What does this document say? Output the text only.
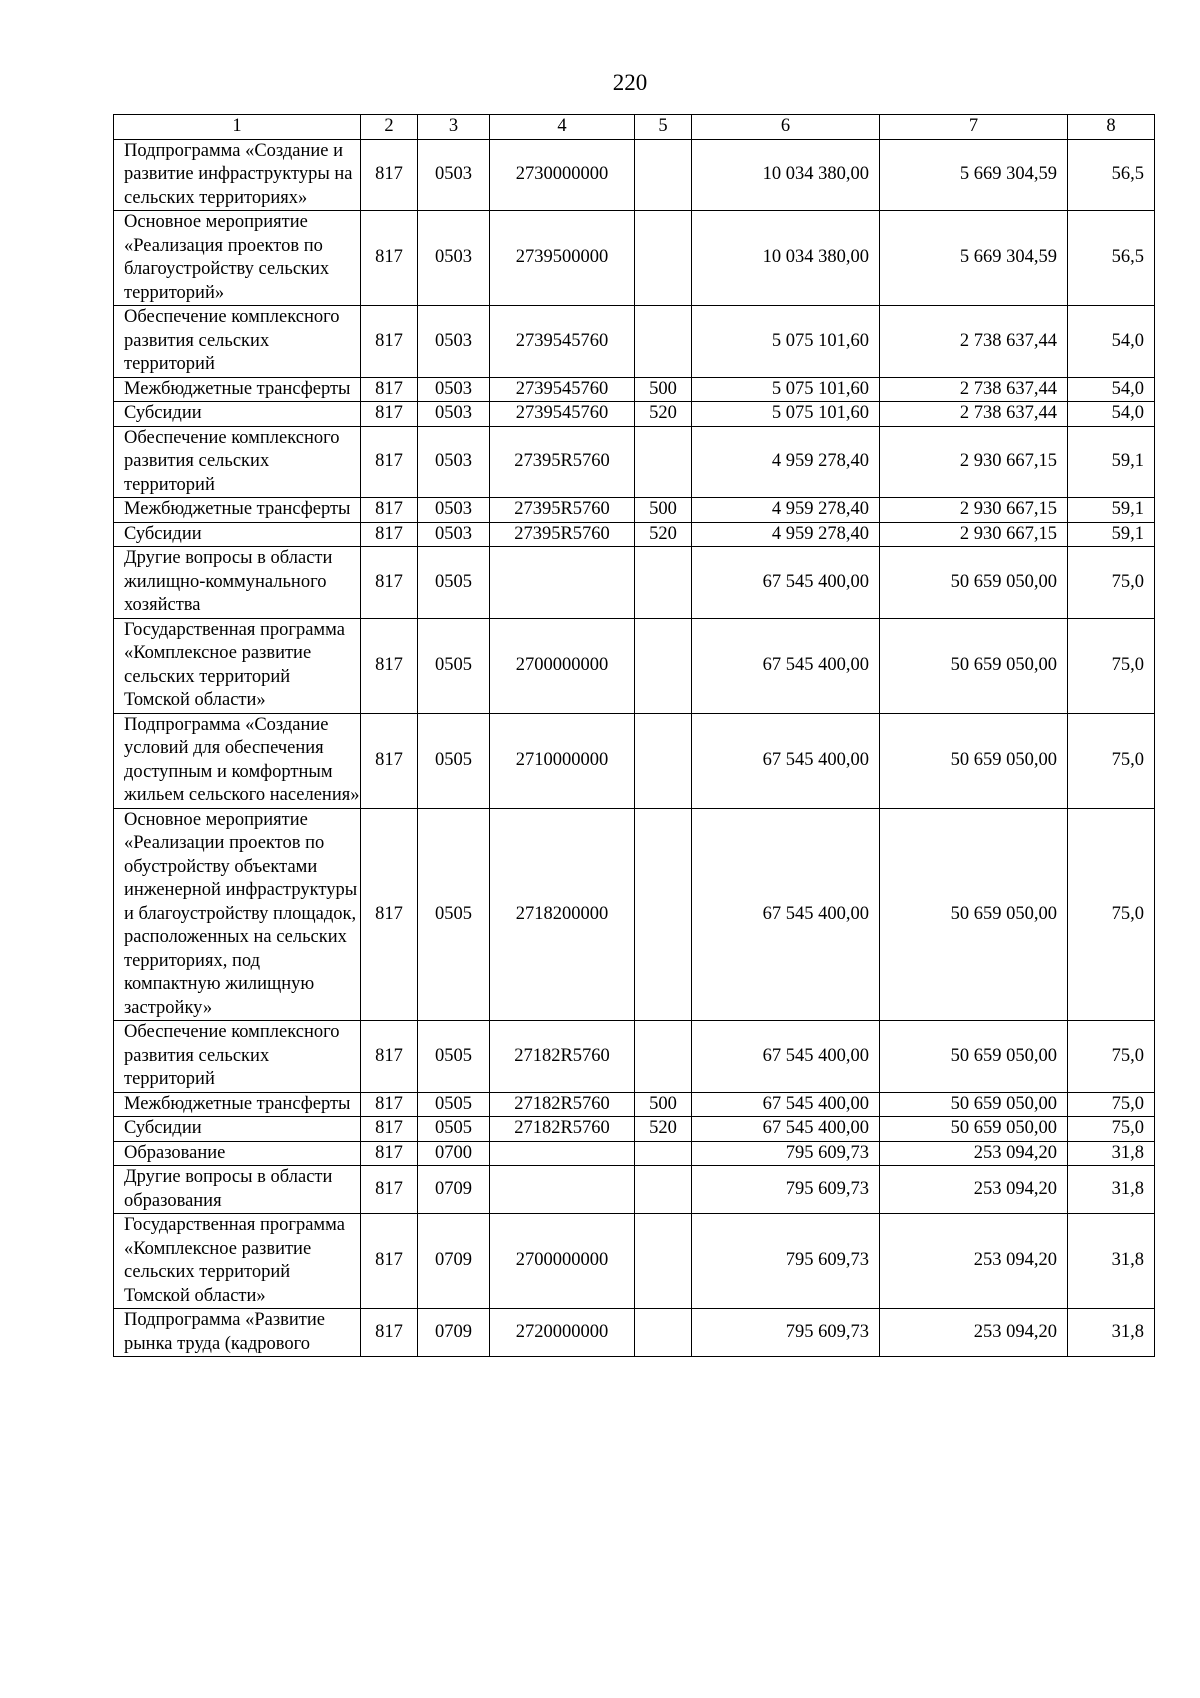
220
1	2	3	4	5	6	7	8
Подпрограмма «Создание и развитие инфраструктуры на сельских территориях»	817	0503	2730000000		10 034 380,00	5 669 304,59	56,5
Основное мероприятие «Реализация проектов по благоустройству сельских территорий»	817	0503	2739500000		10 034 380,00	5 669 304,59	56,5
Обеспечение комплексного развития сельских территорий	817	0503	2739545760		5 075 101,60	2 738 637,44	54,0
Межбюджетные трансферты	817	0503	2739545760	500	5 075 101,60	2 738 637,44	54,0
Субсидии	817	0503	2739545760	520	5 075 101,60	2 738 637,44	54,0
Обеспечение комплексного развития сельских территорий	817	0503	27395R5760		4 959 278,40	2 930 667,15	59,1
Межбюджетные трансферты	817	0503	27395R5760	500	4 959 278,40	2 930 667,15	59,1
Субсидии	817	0503	27395R5760	520	4 959 278,40	2 930 667,15	59,1
Другие вопросы в области жилищно-коммунального хозяйства	817	0505			67 545 400,00	50 659 050,00	75,0
Государственная программа «Комплексное развитие сельских территорий Томской области»	817	0505	2700000000		67 545 400,00	50 659 050,00	75,0
Подпрограмма «Создание условий для обеспечения доступным и комфортным жильем сельского населения»	817	0505	2710000000		67 545 400,00	50 659 050,00	75,0
Основное мероприятие «Реализации проектов по обустройству объектами инженерной инфраструктуры и благоустройству площадок, расположенных на сельских территориях, под компактную жилищную застройку»	817	0505	2718200000		67 545 400,00	50 659 050,00	75,0
Обеспечение комплексного развития сельских территорий	817	0505	27182R5760		67 545 400,00	50 659 050,00	75,0
Межбюджетные трансферты	817	0505	27182R5760	500	67 545 400,00	50 659 050,00	75,0
Субсидии	817	0505	27182R5760	520	67 545 400,00	50 659 050,00	75,0
Образование	817	0700			795 609,73	253 094,20	31,8
Другие вопросы в области образования	817	0709			795 609,73	253 094,20	31,8
Государственная программа «Комплексное развитие сельских территорий Томской области»	817	0709	2700000000		795 609,73	253 094,20	31,8
Подпрограмма «Развитие рынка труда (кадрового	817	0709	2720000000		795 609,73	253 094,20	31,8
